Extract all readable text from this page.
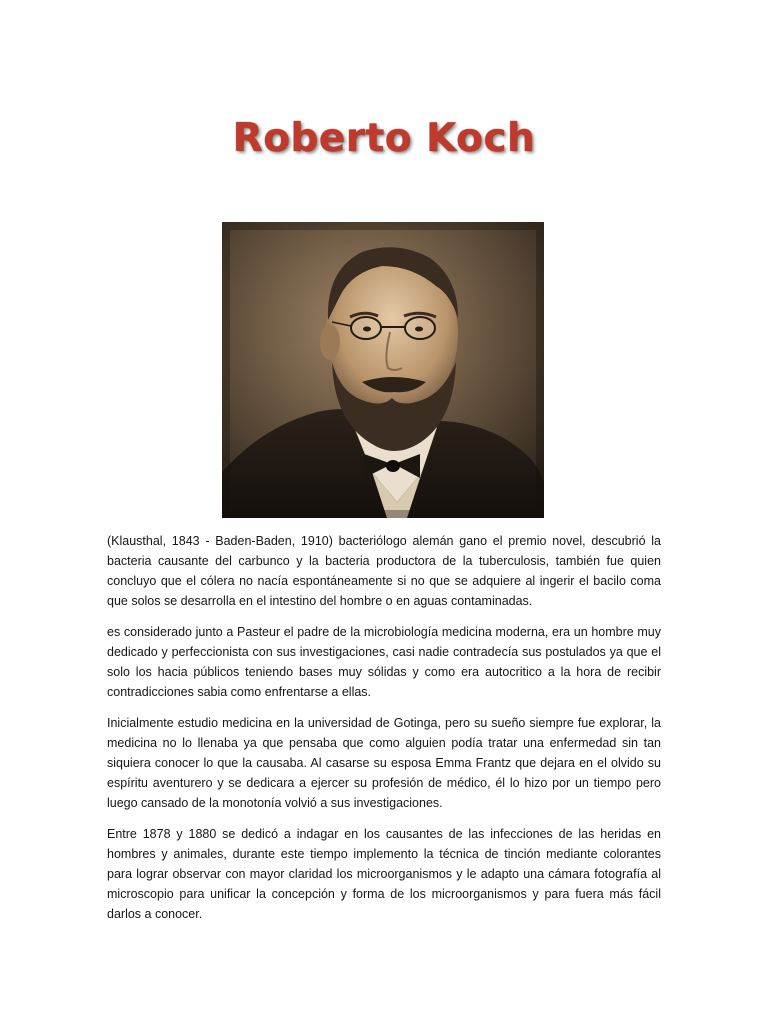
Roberto Koch

(Klausthal, 1843 - Baden-Baden, 1910) bacteriólogo alemán gano el premio novel, descubrió la bacteria causante del carbunco y la bacteria productora de la tuberculosis, también fue quien concluyo que el cólera no nacía espontáneamente si no que se adquiere al ingerir el bacilo coma que solos se desarrolla en el intestino del hombre o en aguas contaminadas.

es considerado junto a Pasteur el padre de la microbiología medicina moderna, era un hombre muy dedicado y perfeccionista con sus investigaciones, casi nadie contradecía sus postulados ya que el solo los hacia públicos teniendo bases muy sólidas y como era autocritico a la hora de recibir contradicciones sabia como enfrentarse a ellas.

Inicialmente estudio medicina en la universidad de Gotinga, pero su sueño siempre fue explorar, la medicina no lo llenaba ya que pensaba que como alguien podía tratar una enfermedad sin tan siquiera conocer lo que la causaba. Al casarse su esposa Emma Frantz que dejara en el olvido su espíritu aventurero y se dedicara a ejercer su profesión de médico, él lo hizo por un tiempo pero luego cansado de la monotonía volvió a sus investigaciones.

Entre 1878 y 1880 se dedicó a indagar en los causantes de las infecciones de las heridas en hombres y animales, durante este tiempo implemento la técnica de tinción mediante colorantes para lograr observar con mayor claridad los microorganismos y le adapto una cámara fotografía al microscopio para unificar la concepción y forma de los microorganismos y para fuera más fácil darlos a conocer.
